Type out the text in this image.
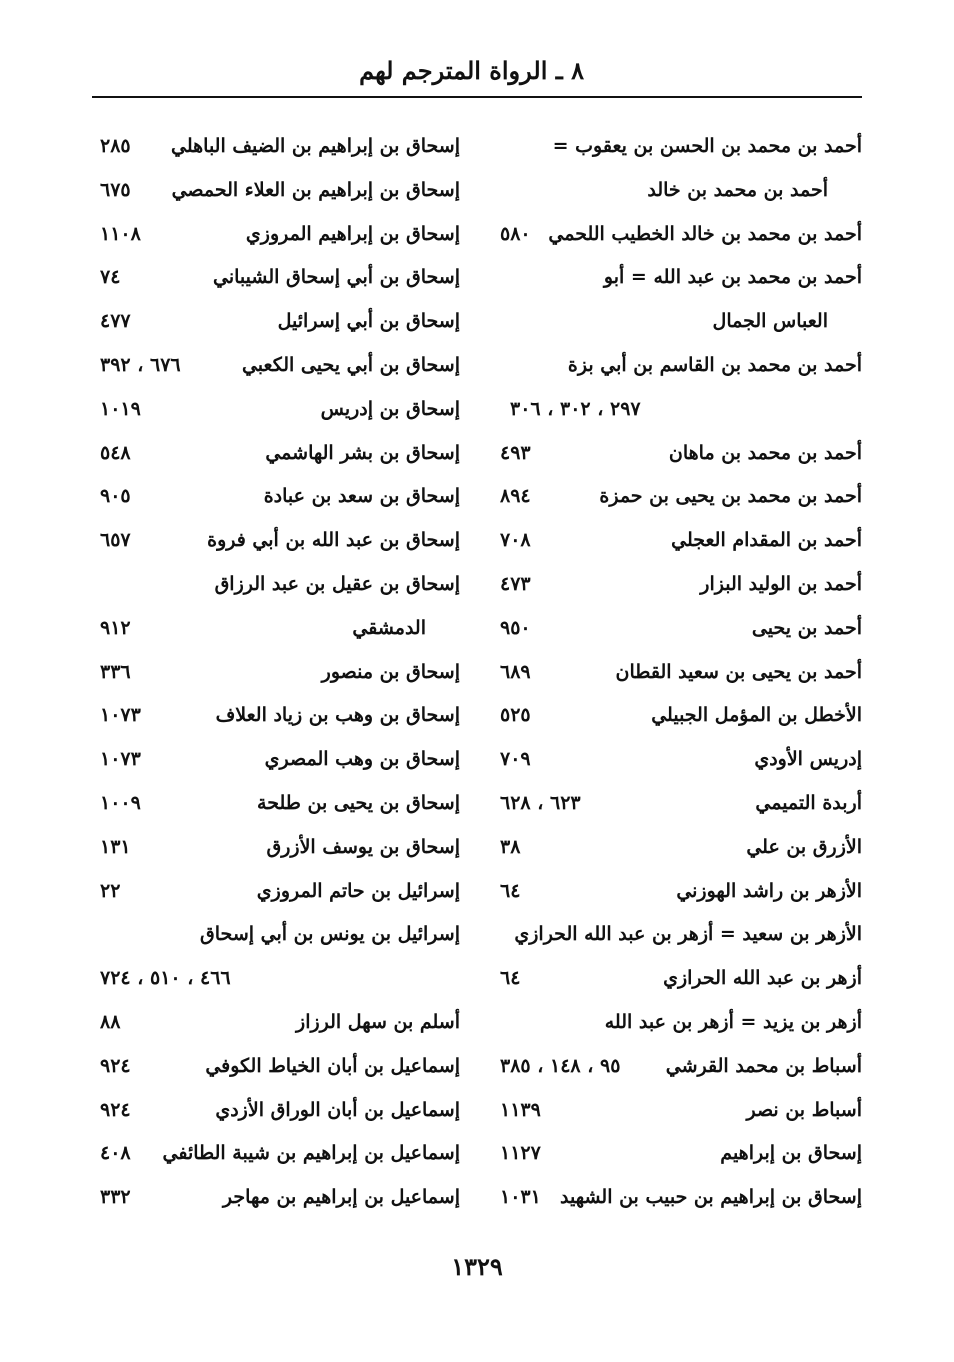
٨ ـ الرواة المترجم لهم
أحمد بن محمد بن الحسن بن يعقوب =
أحمد بن محمد بن خالد
أحمد بن محمد بن خالد الخطيب اللحمي
٥٨٠
أحمد بن محمد بن عبد الله = أبو
العباس الجمال
أحمد بن محمد بن القاسم بن أبي بزة
٢٩٧ ، ٣٠٢ ، ٣٠٦
أحمد بن محمد بن ماهان
٤٩٣
أحمد بن محمد بن يحيى بن حمزة
٨٩٤
أحمد بن المقدام العجلي
٧٠٨
أحمد بن الوليد البزار
٤٧٣
أحمد بن يحيى
٩٥٠
أحمد بن يحيى بن سعيد القطان
٦٨٩
الأخطل بن المؤمل الجبيلي
٥٢٥
إدريس الأودي
٧٠٩
أربدة التميمي
٦٢٣ ، ٦٢٨
الأزرق بن علي
٣٨
الأزهر بن راشد الهوزني
٦٤
الأزهر بن سعيد = أزهر بن عبد الله الحرازي
أزهر بن عبد الله الحرازي
٦٤
أزهر بن يزيد = أزهر بن عبد الله
أسباط بن محمد القرشي
٩٥ ، ١٤٨ ، ٣٨٥
أسباط بن نصر
١١٣٩
إسحاق بن إبراهيم
١١٢٧
إسحاق بن إبراهيم بن حبيب بن الشهيد
١٠٣١
إسحاق بن إبراهيم بن الضيف الباهلي
٢٨٥
إسحاق بن إبراهيم بن العلاء الحمصي
٦٧٥
إسحاق بن إبراهيم المروزي
١١٠٨
إسحاق بن أبي إسحاق الشيباني
٧٤
إسحاق بن أبي إسرائيل
٤٧٧
إسحاق بن أبي يحيى الكعبي
٦٧٦ ، ٣٩٢
إسحاق بن إدريس
١٠١٩
إسحاق بن بشر الهاشمي
٥٤٨
إسحاق بن سعد بن عبادة
٩٠٥
إسحاق بن عبد الله بن أبي فروة
٦٥٧
إسحاق بن عقيل بن عبد الرزاق
الدمشقي
٩١٢
إسحاق بن منصور
٣٣٦
إسحاق بن وهب بن زياد العلاف
١٠٧٣
إسحاق بن وهب المصري
١٠٧٣
إسحاق بن يحيى بن طلحة
١٠٠٩
إسحاق بن يوسف الأزرق
١٣١
إسرائيل بن حاتم المروزي
٢٢
إسرائيل بن يونس بن أبي إسحاق
٤٦٦ ، ٥١٠ ، ٧٢٤
أسلم بن سهل الرزاز
٨٨
إسماعيل بن أبان الخياط الكوفي
٩٢٤
إسماعيل بن أبان الوراق الأزدي
٩٢٤
إسماعيل بن إبراهيم بن شيبة الطائفي
٤٠٨
إسماعيل بن إبراهيم بن مهاجر
٣٣٢
١٣٢٩
